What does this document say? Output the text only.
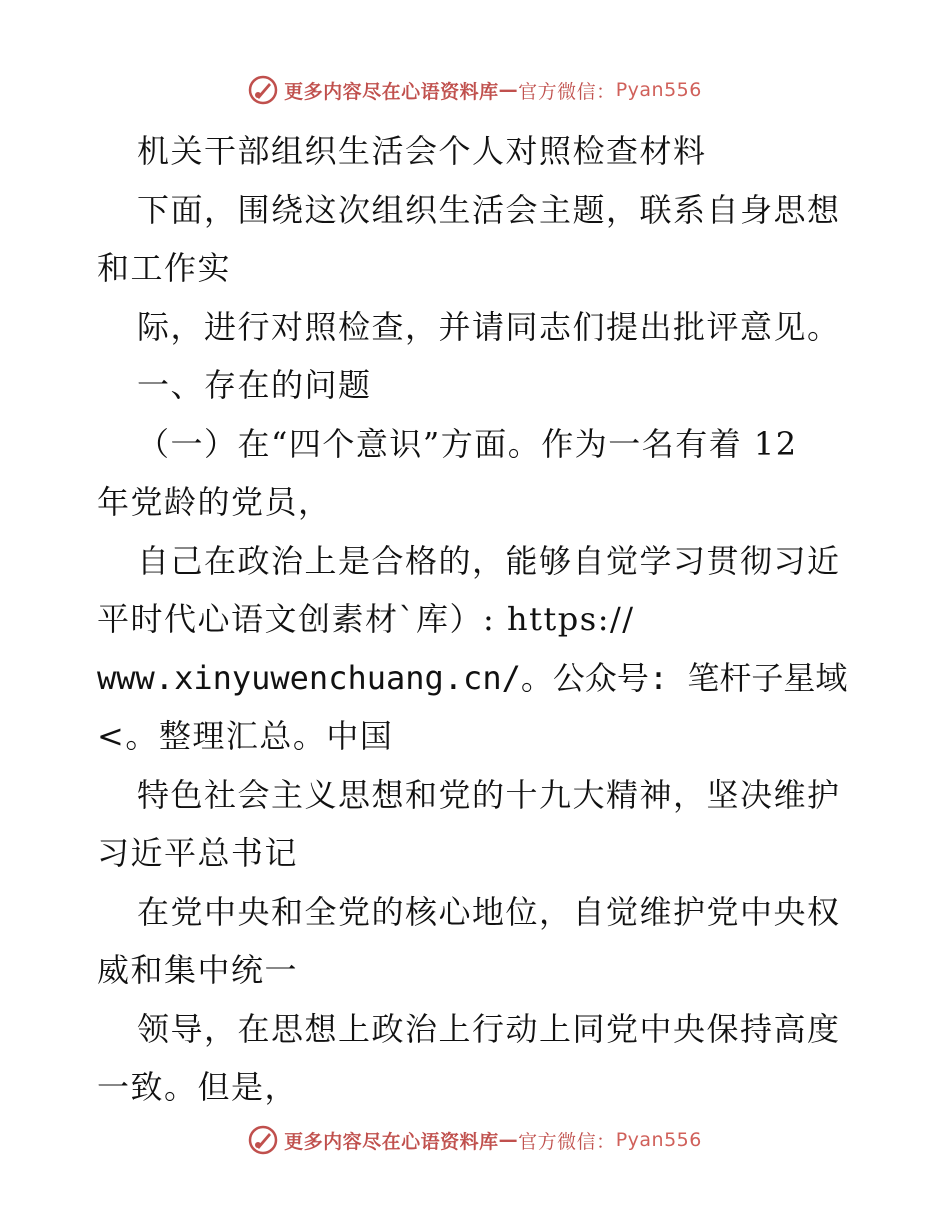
更多内容尽在心语资料库 — 官方微信： Pyan556
机关干部组织生活会个人对照检查材料
下面，围绕这次组织生活会主题，联系自身思想
和工作实
际，进行对照检查，并请同志们提出批评意见。
一、存在的问题
（一）在“四个意识”方面。作为一名有着 12
年党龄的党员，
自己在政治上是合格的，能够自觉学习贯彻习近
平时代心语文创素材`库）: https://
www.xinyuwenchuang.cn/。公众号: 笔杆子星域
<。整理汇总。中国
特色社会主义思想和党的十九大精神，坚决维护
习近平总书记
在党中央和全党的核心地位，自觉维护党中央权
威和集中统一
领导，在思想上政治上行动上同党中央保持高度
一致。但是，
更多内容尽在心语资料库 — 官方微信： Pyan556
